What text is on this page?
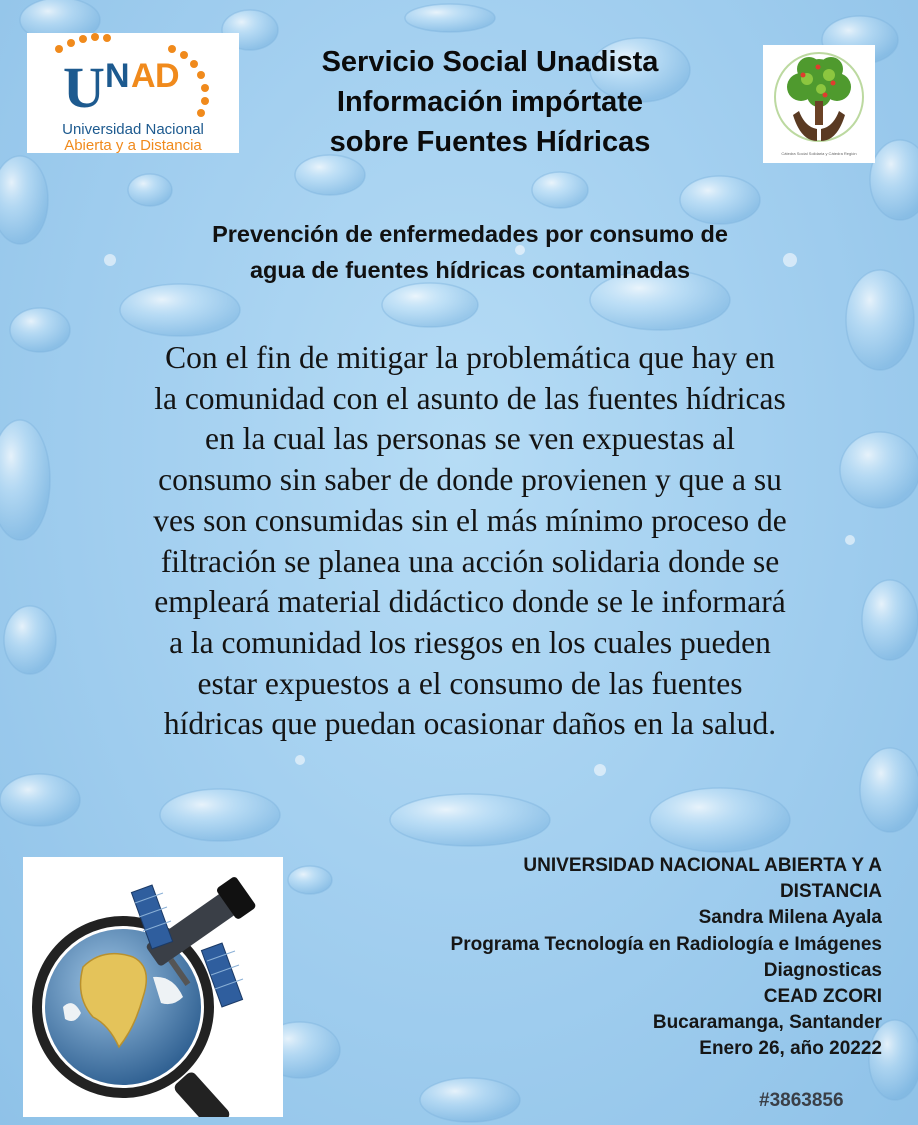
U N A D
Universidad Nacional
Abierta y a Distancia
Servicio Social Unadista
Información impórtate
sobre Fuentes Hídricas	Cátedra Social Solidaria y Cátedra Región
Prevención de enfermedades por consumo de
agua de fuentes hídricas contaminadas
Con el fin de mitigar la problemática que hay en
la comunidad con el asunto de las fuentes hídricas
en la cual las personas se ven expuestas al
consumo sin saber de donde provienen y que a su
ves son consumidas sin el más mínimo proceso de
filtración se planea una acción solidaria donde se
empleará material didáctico donde se le informará
a la comunidad los riesgos en los cuales pueden
estar expuestos a el consumo de las fuentes
hídricas que puedan ocasionar daños en la salud.
UNIVERSIDAD NACIONAL ABIERTA Y A
DISTANCIA
Sandra Milena Ayala
Programa Tecnología en Radiología e Imágenes
Diagnosticas
CEAD ZCORI
Bucaramanga, Santander
Enero 26, año 20222
#3863856
